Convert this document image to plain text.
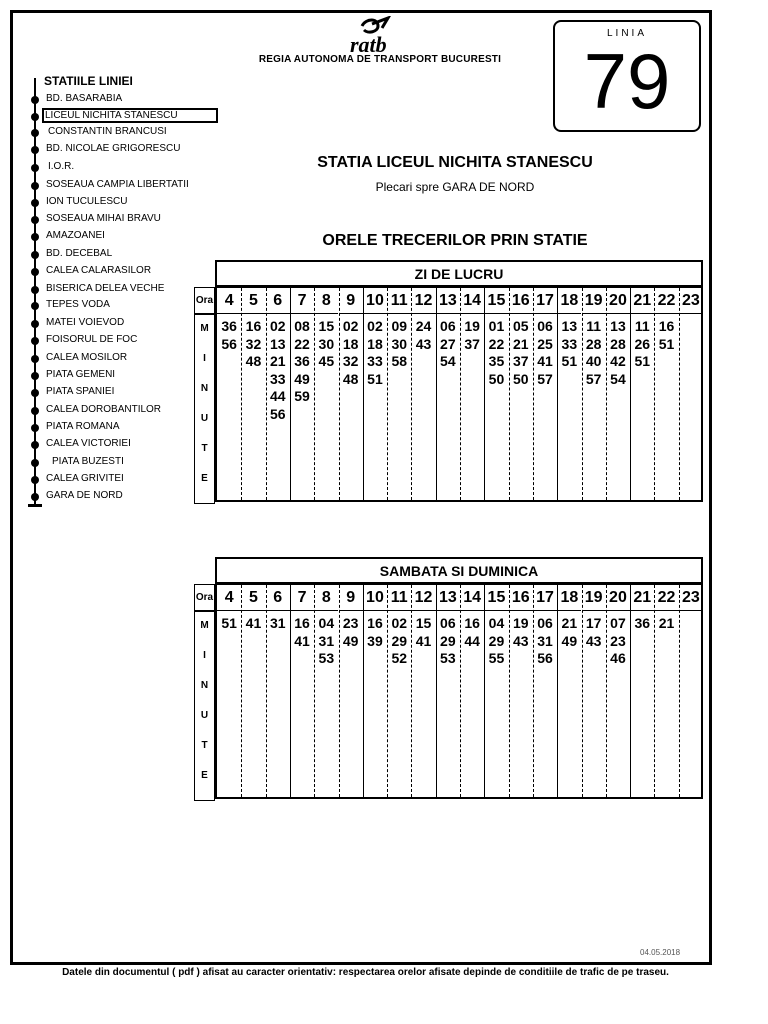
ratb
REGIA AUTONOMA DE TRANSPORT BUCURESTI
LINIA
79
STATIILE LINIEI
BD. BASARABIA
LICEUL NICHITA STANESCU
CONSTANTIN BRANCUSI
BD. NICOLAE GRIGORESCU
I.O.R.
SOSEAUA CAMPIA LIBERTATII
ION TUCULESCU
SOSEAUA MIHAI BRAVU
AMAZOANEI
BD. DECEBAL
CALEA CALARASILOR
BISERICA DELEA VECHE
TEPES VODA
MATEI VOIEVOD
FOISORUL DE FOC
CALEA MOSILOR
PIATA GEMENI
PIATA SPANIEI
CALEA DOROBANTILOR
PIATA ROMANA
CALEA VICTORIEI
PIATA BUZESTI
CALEA GRIVITEI
GARA DE NORD
STATIA LICEUL NICHITA STANESCU
Plecari spre GARA DE NORD
ORELE TRECERILOR PRIN STATIE
ZI DE LUCRU
Ora
M
I
N
U
T
E
4
36
56
5
16
32
48
6
02
13
21
33
44
56
7
08
22
36
49
59
8
15
30
45
9
02
18
32
48
10
02
18
33
51
11
09
30
58
12
24
43
13
06
27
54
14
19
37
15
01
22
35
50
16
05
21
37
50
17
06
25
41
57
18
13
33
51
19
11
28
40
57
20
13
28
42
54
21
11
26
51
22
16
51
23
SAMBATA SI DUMINICA
Ora
M
I
N
U
T
E
4
51
5
41
6
31
7
16
41
8
04
31
53
9
23
49
10
16
39
11
02
29
52
12
15
41
13
06
29
53
14
16
44
15
04
29
55
16
19
43
17
06
31
56
18
21
49
19
17
43
20
07
23
46
21
36
22
21
23
04.05.2018
Datele din documentul ( pdf ) afisat au caracter orientativ: respectarea orelor afisate depinde de conditiile de trafic de pe traseu.
